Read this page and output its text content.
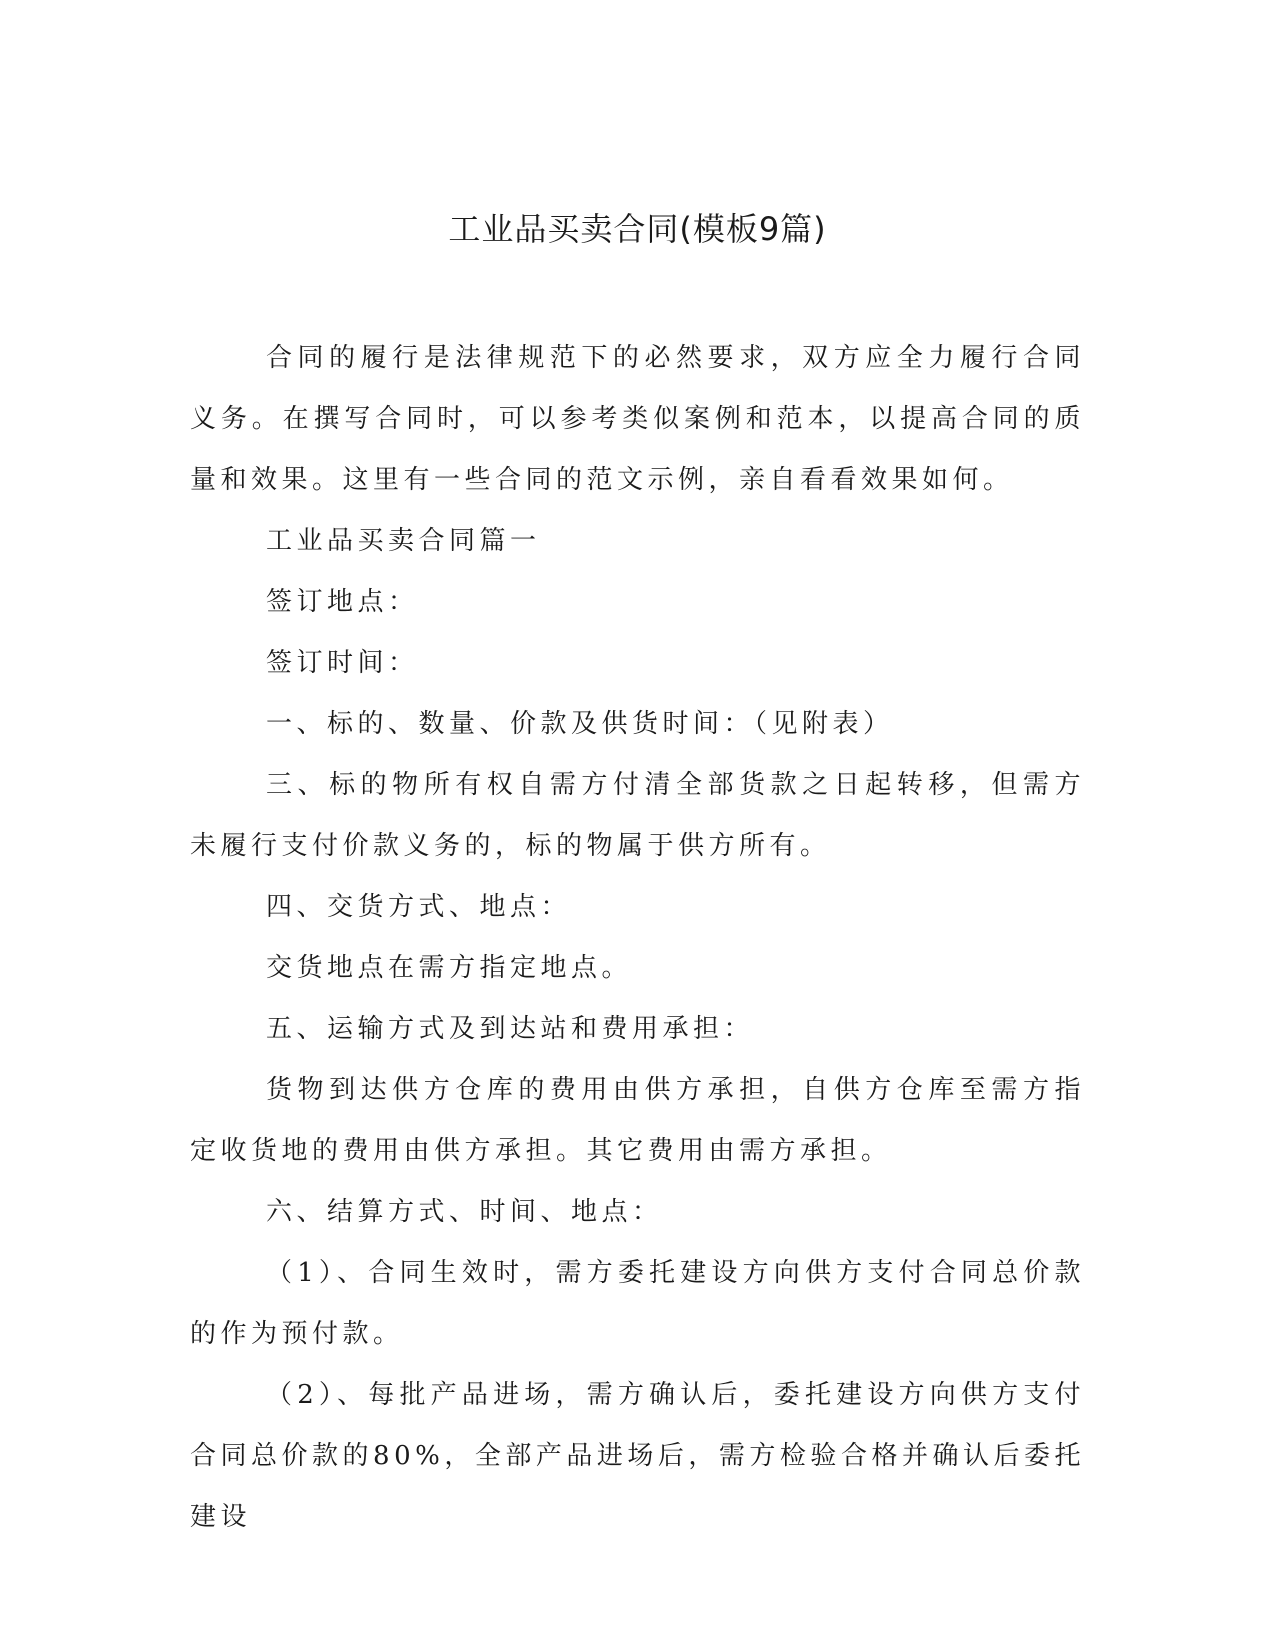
工业品买卖合同(模板9篇)

合同的履行是法律规范下的必然要求，双方应全力履行合同义务。在撰写合同时，可以参考类似案例和范本，以提高合同的质量和效果。这里有一些合同的范文示例，亲自看看效果如何。

工业品买卖合同篇一

签订地点：

签订时间：

一、标的、数量、价款及供货时间：（见附表）

三、标的物所有权自需方付清全部货款之日起转移，但需方未履行支付价款义务的，标的物属于供方所有。

四、交货方式、地点：

交货地点在需方指定地点。

五、运输方式及到达站和费用承担：

货物到达供方仓库的费用由供方承担，自供方仓库至需方指定收货地的费用由供方承担。其它费用由需方承担。

六、结算方式、时间、地点：

（1）、合同生效时，需方委托建设方向供方支付合同总价款的作为预付款。

（2）、每批产品进场，需方确认后，委托建设方向供方支付合同总价款的80%，全部产品进场后，需方检验合格并确认后委托建设
